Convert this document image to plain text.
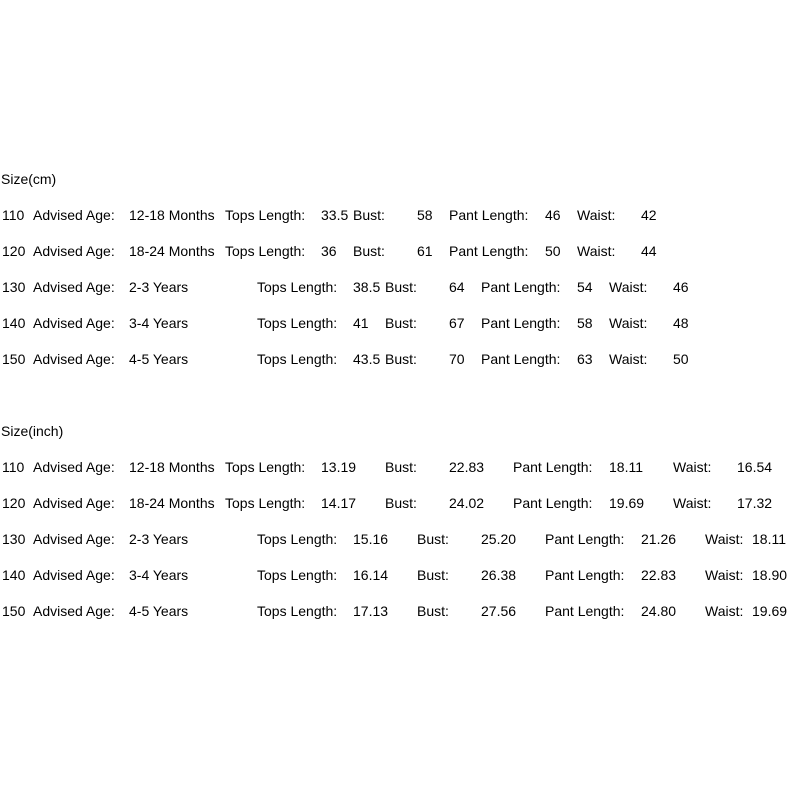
Size(cm)
110 Advised Age: 12-18 Months Tops Length: 33.5 Bust: 58 Pant Length: 46 Waist: 42
120 Advised Age: 18-24 Months Tops Length: 36 Bust: 61 Pant Length: 50 Waist: 44
130 Advised Age: 2-3 Years	Tops Length: 38.5 Bust: 64 Pant Length: 54 Waist: 46
140 Advised Age: 3-4 Years	Tops Length: 41 Bust: 67 Pant Length: 58 Waist: 48
150 Advised Age: 4-5 Years	Tops Length: 43.5 Bust: 70 Pant Length: 63 Waist: 50
Size(inch)
110 Advised Age: 12-18 Months Tops Length: 13.19 Bust: 22.83 Pant Length: 18.11 Waist: 16.54
120 Advised Age: 18-24 Months Tops Length: 14.17 Bust: 24.02 Pant Length: 19.69 Waist: 17.32
130 Advised Age: 2-3 Years	Tops Length: 15.16 Bust: 25.20 Pant Length: 21.26 Waist: 18.11
140 Advised Age: 3-4 Years	Tops Length: 16.14 Bust: 26.38 Pant Length: 22.83 Waist: 18.90
150 Advised Age: 4-5 Years	Tops Length: 17.13 Bust: 27.56 Pant Length: 24.80 Waist: 19.69
